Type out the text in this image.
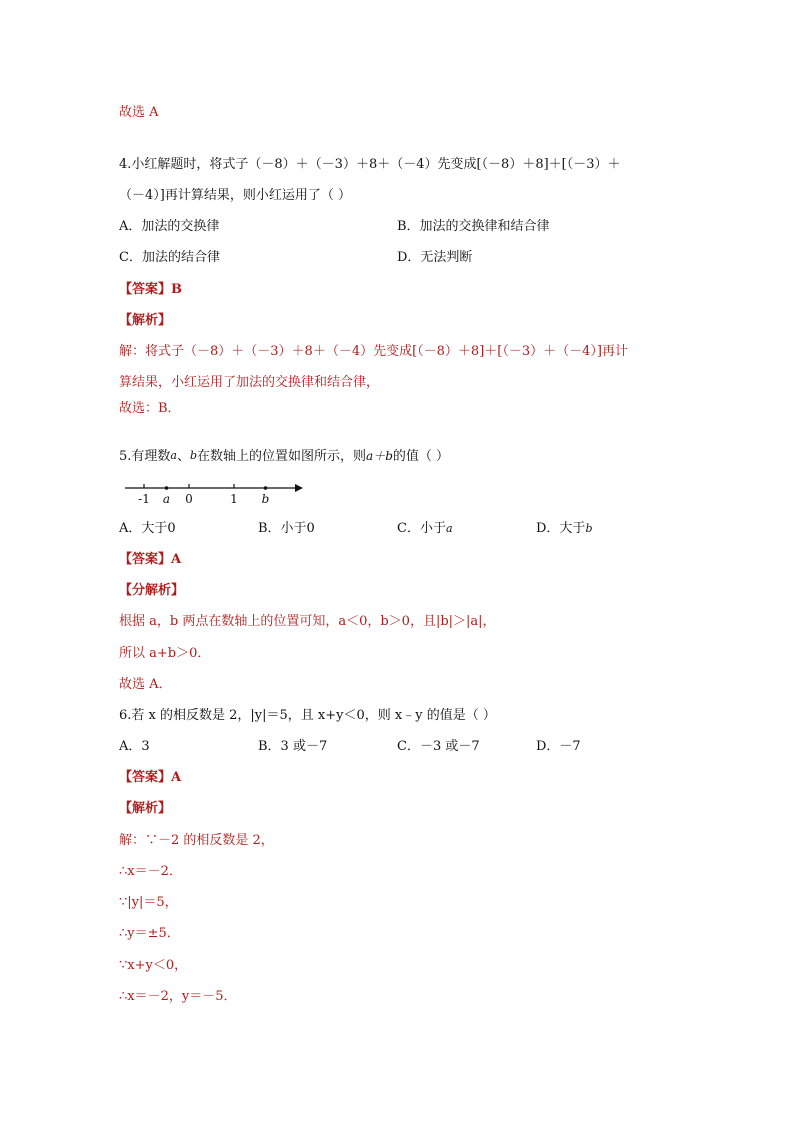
故选 A
4.小红解题时，将式子（－8）＋（－3）＋8＋（－4）先变成[（－8）＋8]＋[（－3）＋
（－4）]再计算结果，则小红运用了（ ）
A．加法的交换律	B．加法的交换律和结合律
C．加法的结合律	D．无法判断
【答案】B
【解析】
解：将式子（－8）＋（－3）＋8＋（－4）先变成[（－8）＋8]＋[（－3）＋（－4）]再计
算结果，小红运用了加法的交换律和结合律，
故选：B．
5.有理数$^a$、$^b$在数轴上的位置如图所示，则a＋b的值（ ）
-1 a 0	1 b
A．大于0	B．小于0	C．小于$^a$	D．大于$^b$
【答案】A
【分解析】
根据 a，b 两点在数轴上的位置可知，a＜0，b＞0，且|b|＞|a|，
所以 a+b＞0．
故选 A．
6.若 x 的相反数是 2，|y|＝5，且 x+y＜0，则 x﹣y 的值是（ ）
A．3	B．3 或－7	C．－3 或－7	D．－7
【答案】A
【解析】
解：∵－2 的相反数是 2，
∴x＝－2．
∵|y|＝5，
∴y＝±5．
∵x+y＜0，
∴x＝－2，y＝－5．
